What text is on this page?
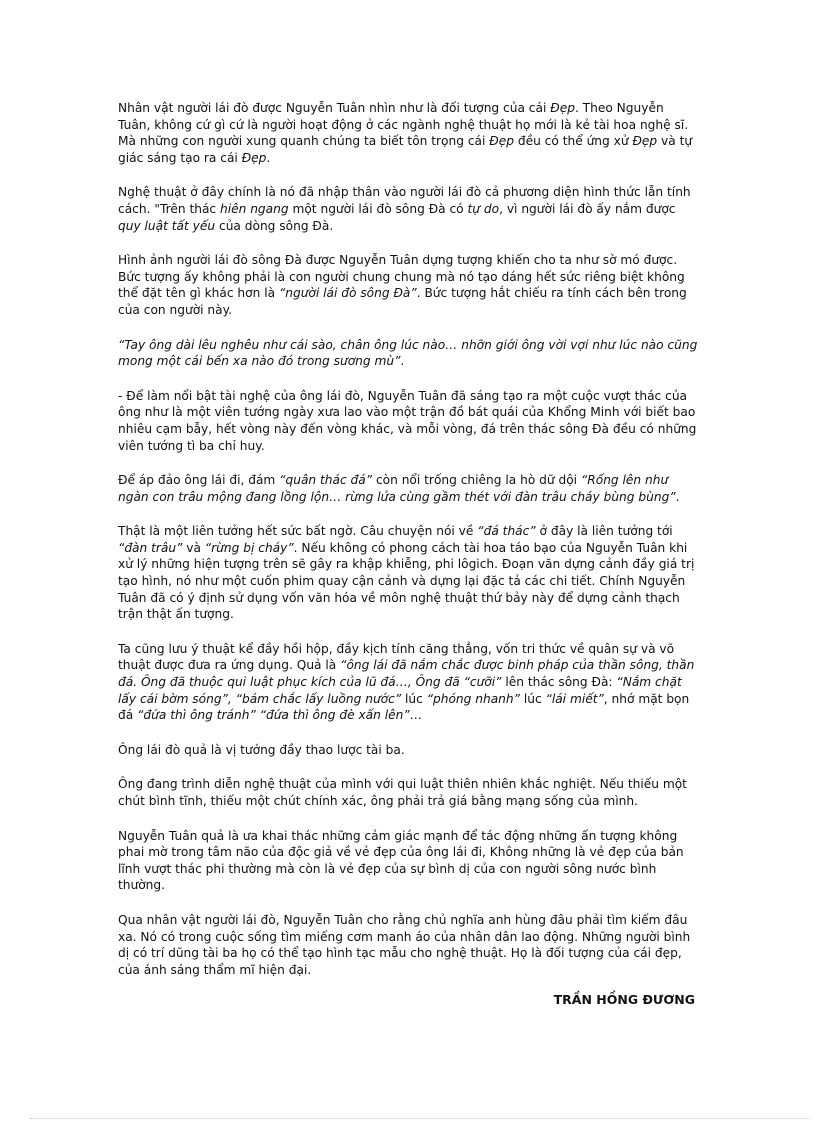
Nhân vật người lái đò được Nguyễn Tuân nhìn như là đối tượng của cái Đẹp. Theo Nguyễn Tuân, không cứ gì cứ là người hoạt động ở các ngành nghệ thuật họ mới là kẻ tài hoa nghệ sĩ. Mà những con người xung quanh chúng ta biết tôn trọng cái Đẹp đều có thể ứng xử Đẹp và tự giác sáng tạo ra cái Đẹp.

Nghệ thuật ở đây chính là nó đã nhập thân vào người lái đò cả phương diện hình thức lẫn tính cách. "Trên thác hiên ngang một người lái đò sông Đà có tự do, vì người lái đò ấy nắm được quy luật tất yếu của dòng sông Đà.

Hình ảnh người lái đò sông Đà được Nguyễn Tuân dựng tượng khiến cho ta như sờ mó được. Bức tượng ấy không phải là con người chung chung mà nó tạo dáng hết sức riêng biệt không thể đặt tên gì khác hơn là “người lái đò sông Đà”. Bức tượng hắt chiếu ra tính cách bên trong của con người này.

“Tay ông dài lêu nghêu như cái sào, chân ông lúc nào… nhỡn giới ông vời vợi như lúc nào cũng mong một cái bến xa nào đó trong sương mù”.

- Để làm nổi bật tài nghệ của ông lái đò, Nguyễn Tuân đã sáng tạo ra một cuộc vượt thác của ông như là một viên tướng ngày xưa lao vào một trận đồ bát quái của Khổng Minh với biết bao nhiêu cạm bẫy, hết vòng này đến vòng khác, và mỗi vòng, đá trên thác sông Đà đều có những viên tướng tì ba chỉ huy.

Để áp đảo ông lái đi, đám “quân thác đá” còn nổi trống chiêng la hò dữ dội “Rống lên như ngàn con trâu mộng đang lồng lộn… rừng lửa cùng gầm thét với đàn trâu cháy bùng bùng”.

Thật là một liên tưởng hết sức bất ngờ. Câu chuyện nói về “đá thác” ở đây là liên tưởng tới “đàn trâu” và “rừng bị cháy”. Nếu không có phong cách tài hoa táo bạo của Nguyễn Tuân khi xử lý những hiện tượng trên sẽ gây ra khập khiễng, phi lôgich. Đoạn văn dựng cảnh đầy giá trị tạo hình, nó như một cuốn phim quay cận cảnh và dựng lại đặc tả các chi tiết. Chính Nguyễn Tuân đã có ý định sử dụng vốn văn hóa về môn nghệ thuật thứ bảy này để dựng cảnh thạch trận thật ấn tượng.

Ta cũng lưu ý thuật kể đầy hồi hộp, đầy kịch tính căng thẳng, vốn tri thức về quân sự và võ thuật được đưa ra ứng dụng. Quả là “ông lái đã nắm chắc được binh pháp của thần sông, thần đá. Ông đã thuộc qui luật phục kích của lũ đá…, Ông đã “cưỡi” lên thác sông Đà: “Nắm chặt lấy cái bờm sóng”, “bám chắc lấy luồng nước” lúc “phóng nhanh” lúc “lái miết”, nhớ mặt bọn đá “đứa thì ông tránh” “đứa thì ông đè xấn lên”…

Ông lái đò quả là vị tướng đầy thao lược tài ba.

Ông đang trình diễn nghệ thuật của mình với qui luật thiên nhiên khắc nghiệt. Nếu thiếu một chút bình tĩnh, thiếu một chút chính xác, ông phải trả giá bằng mạng sống của mình.

Nguyễn Tuân quả là ưa khai thác những cảm giác mạnh để tác động những ấn tượng không phai mờ trong tâm não của độc giả về vẻ đẹp của ông lái đi, Không những là vẻ đẹp của bản lĩnh vượt thác phi thường mà còn là vẻ đẹp của sự bình dị của con người sông nước bình thường.

Qua nhân vật người lái đò, Nguyễn Tuân cho rằng chủ nghĩa anh hùng đâu phải tìm kiếm đâu xa. Nó có trong cuộc sống tìm miếng cơm manh áo của nhân dân lao động. Những người bình dị có trí dũng tài ba họ có thể tạo hình tạc mẫu cho nghệ thuật. Họ là đối tượng của cái đẹp, của ánh sáng thẩm mĩ hiện đại.

TRẦN HỒNG ĐƯƠNG
